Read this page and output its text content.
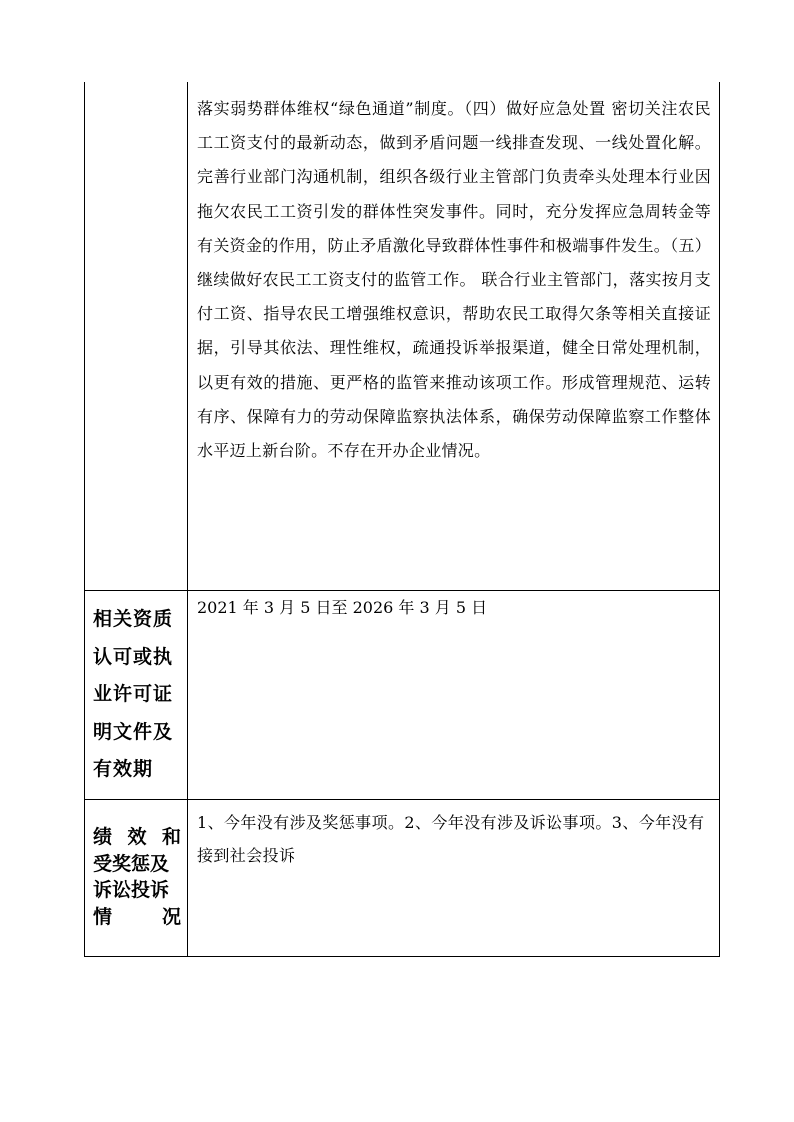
落实弱势群体维权“绿色通道”制度。（四）做好应急处置 密切关注农民工工资支付的最新动态，做到矛盾问题一线排查发现、一线处置化解。完善行业部门沟通机制，组织各级行业主管部门负责牵头处理本行业因拖欠农民工工资引发的群体性突发事件。同时，充分发挥应急周转金等有关资金的作用，防止矛盾激化导致群体性事件和极端事件发生。（五）继续做好农民工工资支付的监管工作。 联合行业主管部门，落实按月支付工资、指导农民工增强维权意识，帮助农民工取得欠条等相关直接证据，引导其依法、理性维权，疏通投诉举报渠道，健全日常处理机制，以更有效的措施、更严格的监管来推动该项工作。形成管理规范、运转有序、保障有力的劳动保障监察执法体系，确保劳动保障监察工作整体水平迈上新台阶。不存在开办企业情况。
相关资质
认可或执
业许可证
明文件及
有效期
2021 年 3 月 5 日至 2026 年 3 月 5 日
绩 效 和
受奖惩及
诉讼投诉
情	况
1、今年没有涉及奖惩事项。2、今年没有涉及诉讼事项。3、今年没有接到社会投诉
